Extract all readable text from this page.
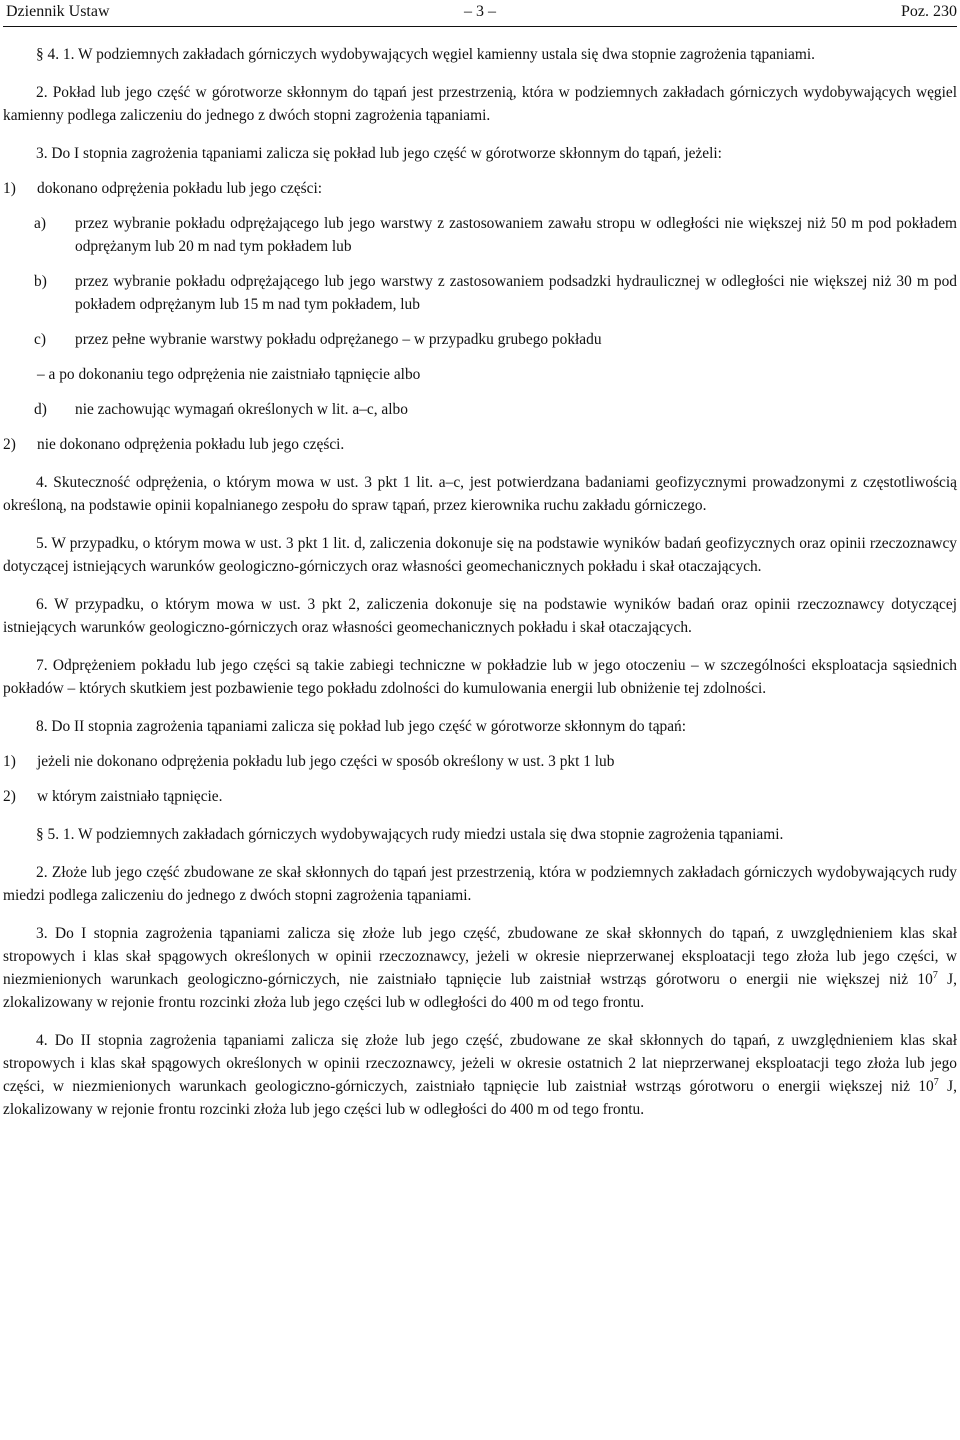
Dziennik Ustaw	– 3 –	Poz. 230

§ 4. 1. W podziemnych zakładach górniczych wydobywających węgiel kamienny ustala się dwa stopnie zagrożenia tąpaniami.

2. Pokład lub jego część w górotworze skłonnym do tąpań jest przestrzenią, która w podziemnych zakładach górniczych wydobywających węgiel kamienny podlega zaliczeniu do jednego z dwóch stopni zagrożenia tąpaniami.

3. Do I stopnia zagrożenia tąpaniami zalicza się pokład lub jego część w górotworze skłonnym do tąpań, jeżeli:

1) dokonano odprężenia pokładu lub jego części:
a) przez wybranie pokładu odprężającego lub jego warstwy z zastosowaniem zawału stropu w odległości nie większej niż 50 m pod pokładem odprężanym lub 20 m nad tym pokładem lub
b) przez wybranie pokładu odprężającego lub jego warstwy z zastosowaniem podsadzki hydraulicznej w odległości nie większej niż 30 m pod pokładem odprężanym lub 15 m nad tym pokładem, lub
c) przez pełne wybranie warstwy pokładu odprężanego – w przypadku grubego pokładu

– a po dokonaniu tego odprężenia nie zaistniało tąpnięcie albo

d) nie zachowując wymagań określonych w lit. a–c, albo
2) nie dokonano odprężenia pokładu lub jego części.

4. Skuteczność odprężenia, o którym mowa w ust. 3 pkt 1 lit. a–c, jest potwierdzana badaniami geofizycznymi prowadzonymi z częstotliwością określoną, na podstawie opinii kopalnianego zespołu do spraw tąpań, przez kierownika ruchu zakładu górniczego.

5. W przypadku, o którym mowa w ust. 3 pkt 1 lit. d, zaliczenia dokonuje się na podstawie wyników badań geofizycznych oraz opinii rzeczoznawcy dotyczącej istniejących warunków geologiczno-górniczych oraz własności geomechanicznych pokładu i skał otaczających.

6. W przypadku, o którym mowa w ust. 3 pkt 2, zaliczenia dokonuje się na podstawie wyników badań oraz opinii rzeczoznawcy dotyczącej istniejących warunków geologiczno-górniczych oraz własności geomechanicznych pokładu i skał otaczających.

7. Odprężeniem pokładu lub jego części są takie zabiegi techniczne w pokładzie lub w jego otoczeniu – w szczególności eksploatacja sąsiednich pokładów – których skutkiem jest pozbawienie tego pokładu zdolności do kumulowania energii lub obniżenie tej zdolności.

8. Do II stopnia zagrożenia tąpaniami zalicza się pokład lub jego część w górotworze skłonnym do tąpań:

1) jeżeli nie dokonano odprężenia pokładu lub jego części w sposób określony w ust. 3 pkt 1 lub
2) w którym zaistniało tąpnięcie.

§ 5. 1. W podziemnych zakładach górniczych wydobywających rudy miedzi ustala się dwa stopnie zagrożenia tąpaniami.

2. Złoże lub jego część zbudowane ze skał skłonnych do tąpań jest przestrzenią, która w podziemnych zakładach górniczych wydobywających rudy miedzi podlega zaliczeniu do jednego z dwóch stopni zagrożenia tąpaniami.

3. Do I stopnia zagrożenia tąpaniami zalicza się złoże lub jego część, zbudowane ze skał skłonnych do tąpań, z uwzględnieniem klas skał stropowych i klas skał spągowych określonych w opinii rzeczoznawcy, jeżeli w okresie nieprzerwanej eksploatacji tego złoża lub jego części, w niezmienionych warunkach geologiczno-górniczych, nie zaistniało tąpnięcie lub zaistniał wstrząs górotworu o energii nie większej niż $10^7$ J, zlokalizowany w rejonie frontu rozcinki złoża lub jego części lub w odległości do 400 m od tego frontu.

4. Do II stopnia zagrożenia tąpaniami zalicza się złoże lub jego część, zbudowane ze skał skłonnych do tąpań, z uwzględnieniem klas skał stropowych i klas skał spągowych określonych w opinii rzeczoznawcy, jeżeli w okresie ostatnich 2 lat nieprzerwanej eksploatacji tego złoża lub jego części, w niezmienionych warunkach geologiczno-górniczych, zaistniało tąpnięcie lub zaistniał wstrząs górotworu o energii większej niż $10^7$ J, zlokalizowany w rejonie frontu rozcinki złoża lub jego części lub w odległości do 400 m od tego frontu.
